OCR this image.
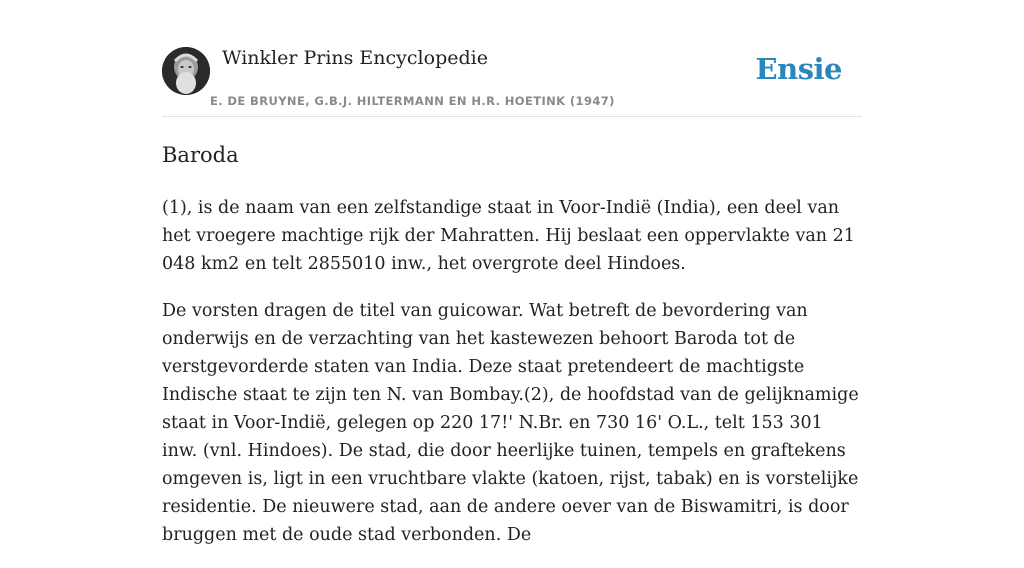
Winkler Prins Encyclopedie
E. DE BRUYNE, G.B.J. HILTERMANN EN H.R. HOETINK (1947)
Ensie
Baroda

(1), is de naam van een zelfstandige staat in Voor-Indië (India), een deel van het vroegere machtige rijk der Mahratten. Hij beslaat een oppervlakte van 21 048 km2 en telt 2855010 inw., het overgrote deel Hindoes.

De vorsten dragen de titel van guicowar. Wat betreft de bevordering van onderwijs en de verzachting van het kastewezen behoort Baroda tot de verstgevorderde staten van India. Deze staat pretendeert de machtigste Indische staat te zijn ten N. van Bombay.(2), de hoofdstad van de gelijknamige staat in Voor-Indië, gelegen op 220 17!' N.Br. en 730 16' O.L., telt 153 301 inw. (vnl. Hindoes). De stad, die door heerlijke tuinen, tempels en graftekens omgeven is, ligt in een vruchtbare vlakte (katoen, rijst, tabak) en is vorstelijke residentie. De nieuwere stad, aan de andere oever van de Biswamitri, is door bruggen met de oude stad verbonden. De
